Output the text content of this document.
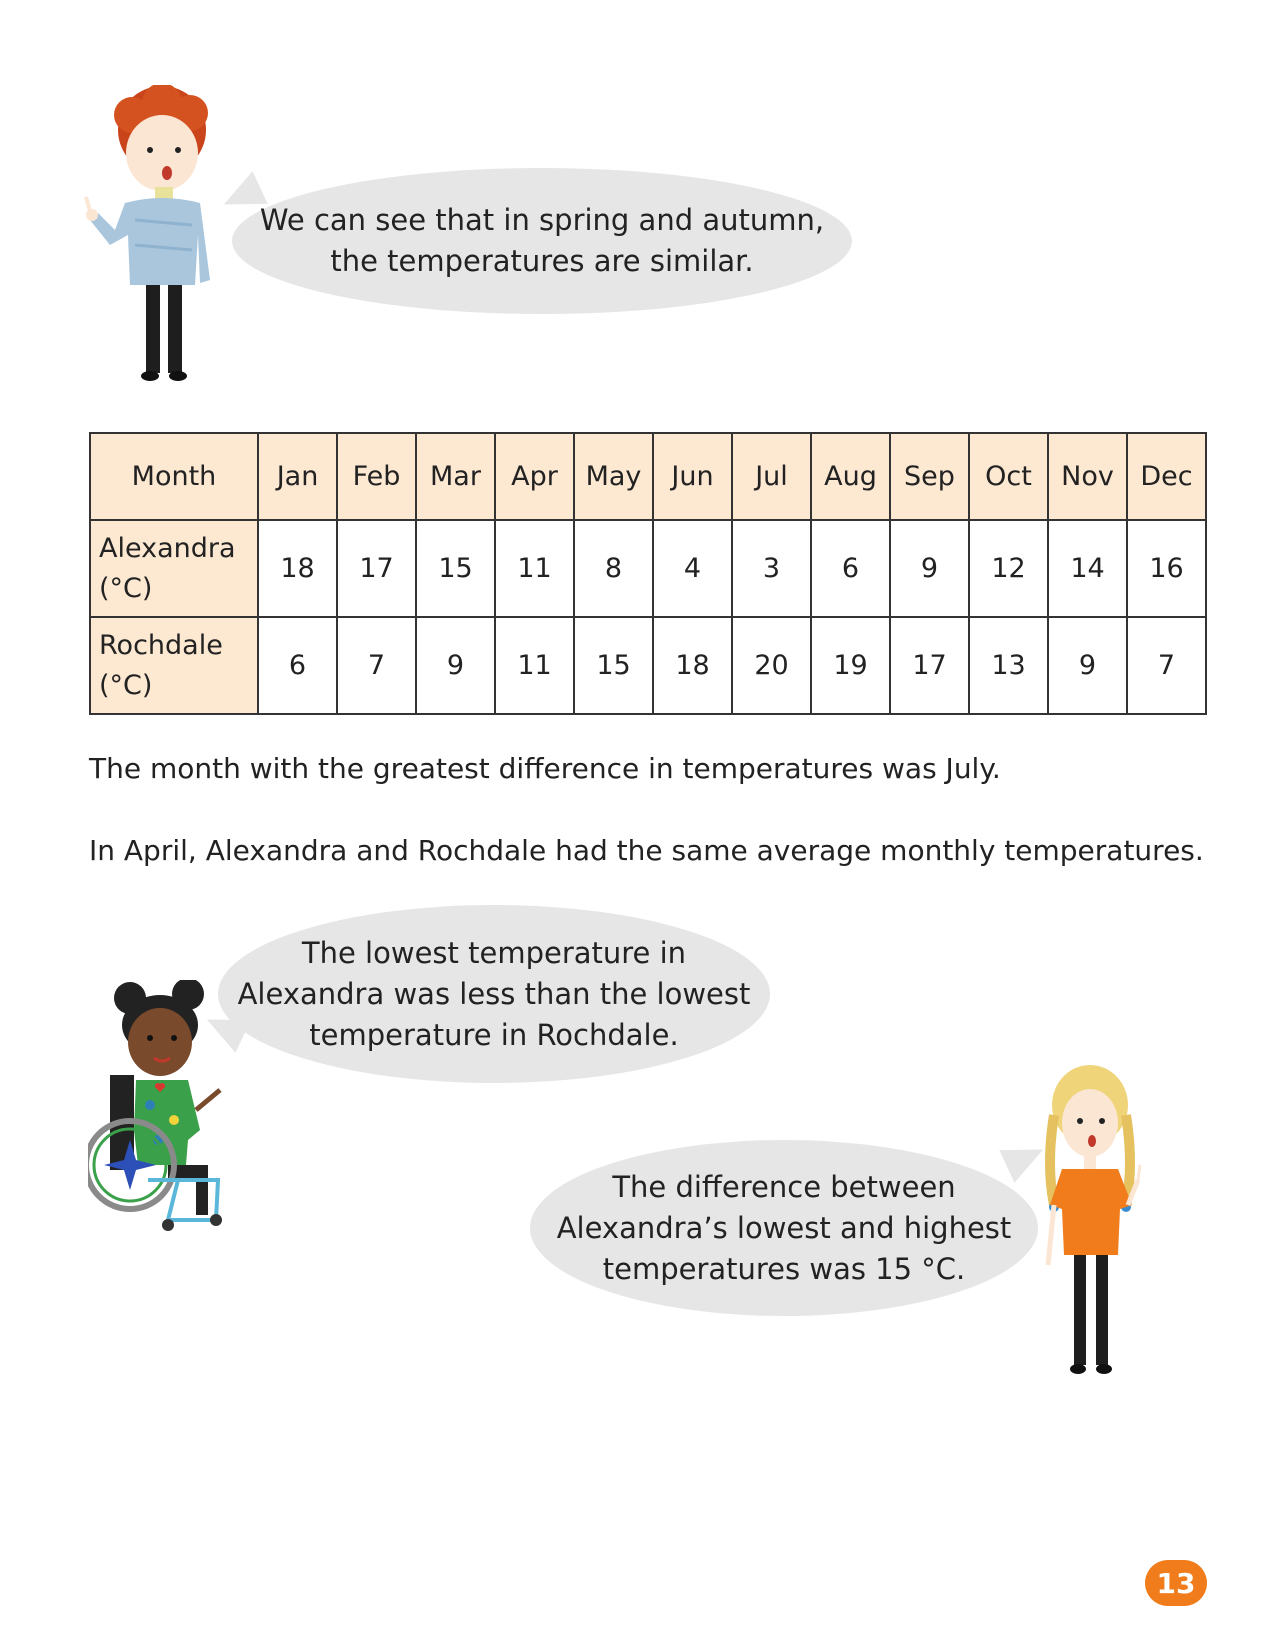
We can see that in spring and autumn,
the temperatures are similar.
Month	Jan	Feb	Mar	Apr	May	Jun	Jul	Aug	Sep	Oct	Nov	Dec
Alexandra
(°C)	18	17	15	11	8	4	3	6	9	12	14	16
Rochdale
(°C)	6	7	9	11	15	18	20	19	17	13	9	7
The month with the greatest difference in temperatures was July.
In April, Alexandra and Rochdale had the same average monthly temperatures.
The lowest temperature in
Alexandra was less than the lowest
temperature in Rochdale.
The difference between
Alexandra’s lowest and highest
temperatures was 15 °C.
13
